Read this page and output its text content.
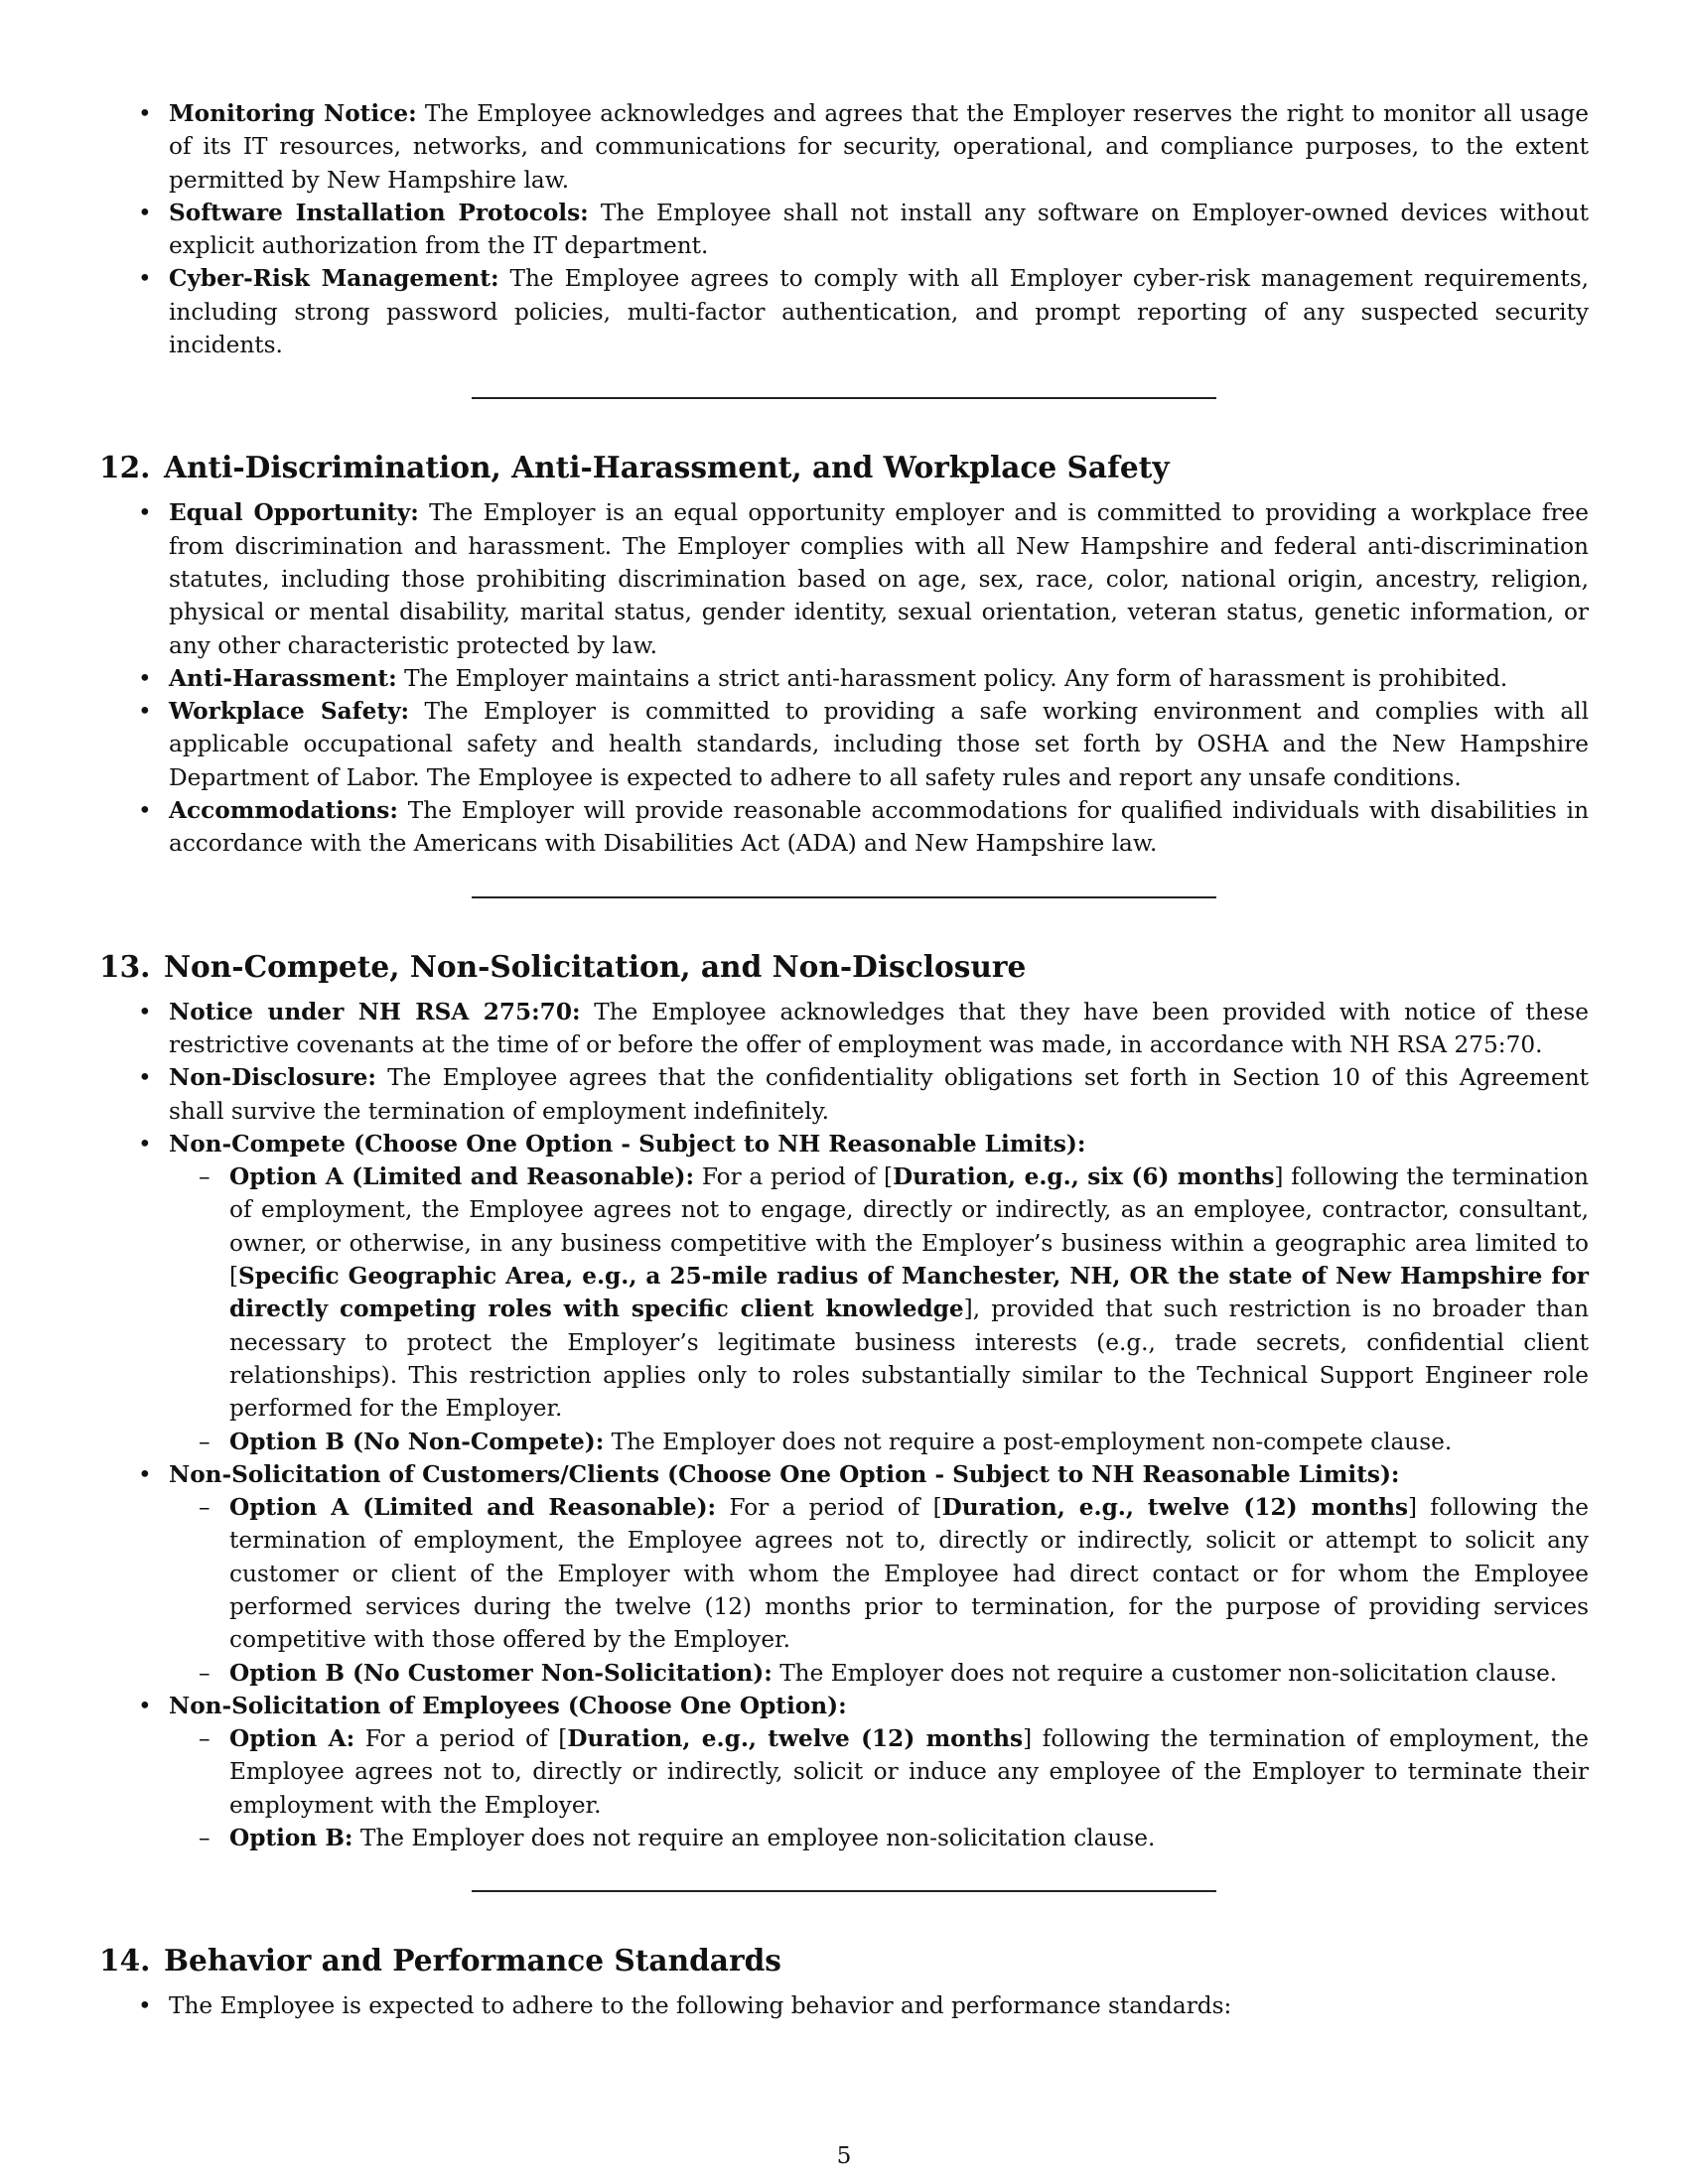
• Monitoring Notice: The Employee acknowledges and agrees that the Employer reserves the right to monitor all usage of its IT resources, networks, and communications for security, operational, and compliance purposes, to the extent permitted by New Hampshire law.
• Software Installation Protocols: The Employee shall not install any software on Employer-owned devices without explicit authorization from the IT department.
• Cyber-Risk Management: The Employee agrees to comply with all Employer cyber-risk management requirements, including strong password policies, multi-factor authentication, and prompt reporting of any suspected security incidents.
12. Anti-Discrimination, Anti-Harassment, and Workplace Safety
• Equal Opportunity: The Employer is an equal opportunity employer and is committed to providing a workplace free from discrimination and harassment. The Employer complies with all New Hampshire and federal anti-discrimination statutes, including those prohibiting discrimination based on age, sex, race, color, national origin, ancestry, religion, physical or mental disability, marital status, gender identity, sexual orientation, veteran status, genetic information, or any other characteristic protected by law.
• Anti-Harassment: The Employer maintains a strict anti-harassment policy. Any form of harassment is prohibited.
• Workplace Safety: The Employer is committed to providing a safe working environment and complies with all applicable occupational safety and health standards, including those set forth by OSHA and the New Hampshire Department of Labor. The Employee is expected to adhere to all safety rules and report any unsafe conditions.
• Accommodations: The Employer will provide reasonable accommodations for qualified individuals with disabilities in accordance with the Americans with Disabilities Act (ADA) and New Hampshire law.
13. Non-Compete, Non-Solicitation, and Non-Disclosure
• Notice under NH RSA 275:70: The Employee acknowledges that they have been provided with notice of these restrictive covenants at the time of or before the offer of employment was made, in accordance with NH RSA 275:70.
• Non-Disclosure: The Employee agrees that the confidentiality obligations set forth in Section 10 of this Agreement shall survive the termination of employment indefinitely.
• Non-Compete (Choose One Option - Subject to NH Reasonable Limits):
– Option A (Limited and Reasonable): For a period of [Duration, e.g., six (6) months] following the termination of employment, the Employee agrees not to engage, directly or indirectly, as an employee, contractor, consultant, owner, or otherwise, in any business competitive with the Employer’s business within a geographic area limited to [Specific Geographic Area, e.g., a 25-mile radius of Manchester, NH, OR the state of New Hampshire for directly competing roles with specific client knowledge], provided that such restriction is no broader than necessary to protect the Employer’s legitimate business interests (e.g., trade secrets, confidential client relationships). This restriction applies only to roles substantially similar to the Technical Support Engineer role performed for the Employer.
– Option B (No Non-Compete): The Employer does not require a post-employment non-compete clause.
• Non-Solicitation of Customers/Clients (Choose One Option - Subject to NH Reasonable Limits):
– Option A (Limited and Reasonable): For a period of [Duration, e.g., twelve (12) months] following the termination of employment, the Employee agrees not to, directly or indirectly, solicit or attempt to solicit any customer or client of the Employer with whom the Employee had direct contact or for whom the Employee performed services during the twelve (12) months prior to termination, for the purpose of providing services competitive with those offered by the Employer.
– Option B (No Customer Non-Solicitation): The Employer does not require a customer non-solicitation clause.
• Non-Solicitation of Employees (Choose One Option):
– Option A: For a period of [Duration, e.g., twelve (12) months] following the termination of employment, the Employee agrees not to, directly or indirectly, solicit or induce any employee of the Employer to terminate their employment with the Employer.
– Option B: The Employer does not require an employee non-solicitation clause.
14. Behavior and Performance Standards
• The Employee is expected to adhere to the following behavior and performance standards:
5
